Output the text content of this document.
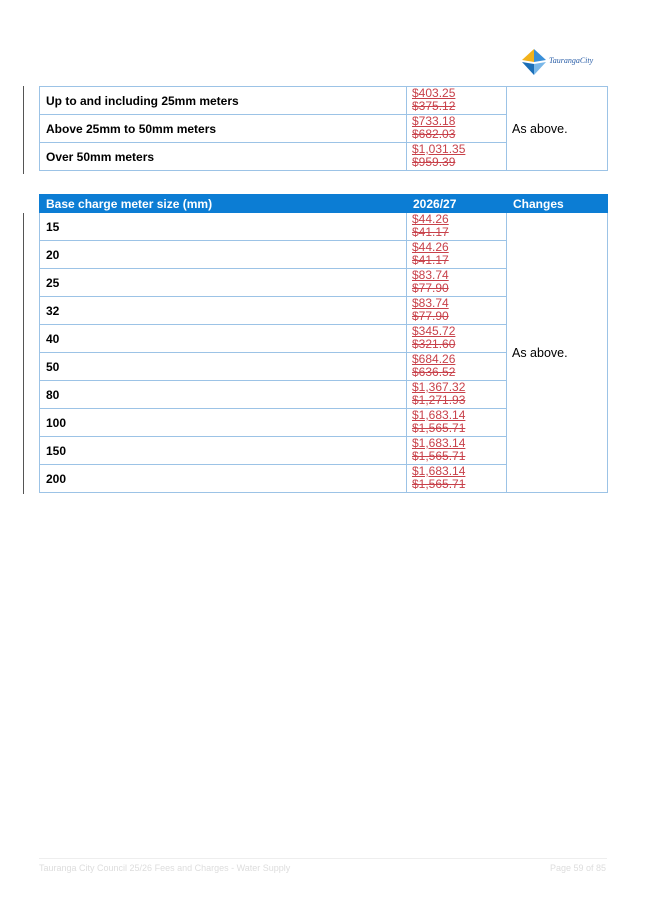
TaurangaCity
Up to and including 25mm meters	$403.25
$375.12	As above.
Above 25mm to 50mm meters	$733.18
$682.03	

Over 50mm meters	$1,031.35
$959.39	
Base charge meter size (mm)	2026/27	Changes
15	$44.26
$41.17	As above.
20	$44.26
$41.17	

25	$83.74
$77.90	

32	$83.74
$77.90	

40	$345.72
$321.60	

50	$684.26
$636.52	

80	$1,367.32
$1,271.93	

100	$1,683.14
$1,565.71	

150	$1,683.14
$1,565.71	

200	$1,683.14
$1,565.71	
Tauranga City Council 25/26 Fees and Charges - Water Supply	Page 59 of 85
